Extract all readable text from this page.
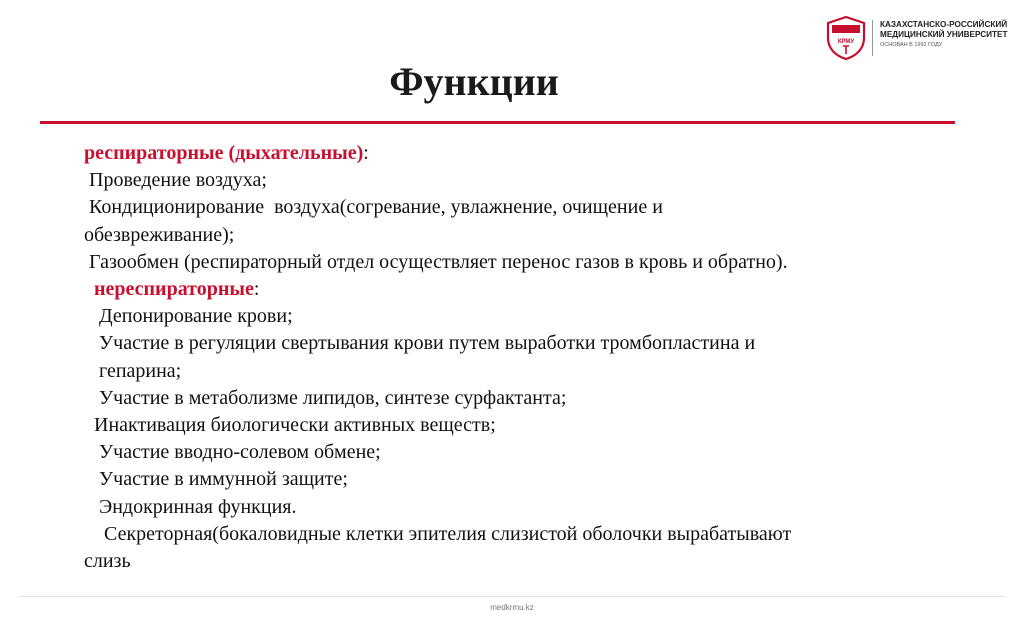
КРМУ
КАЗАХСТАНСКО-РОССИЙСКИЙ
МЕДИЦИНСКИЙ УНИВЕРСИТЕТ
ОСНОВАН В 1992 ГОДУ
Функции
респираторные (дыхательные):
Проведение воздуха;
Кондиционирование  воздуха(согревание, увлажнение, очищение и
обезвреживание);
Газообмен (респираторный отдел осуществляет перенос газов в кровь и обратно).
нереспираторные:
Депонирование крови;
Участие в регуляции свертывания крови путем выработки тромбопластина и
гепарина;
Участие в метаболизме липидов, синтезе сурфактанта;
Инактивация биологически активных веществ;
Участие вводно-солевом обмене;
Участие в иммунной защите;
Эндокринная функция.
Секреторная(бокаловидные клетки эпителия слизистой оболочки вырабатывают
слизь
medkrmu.kz
